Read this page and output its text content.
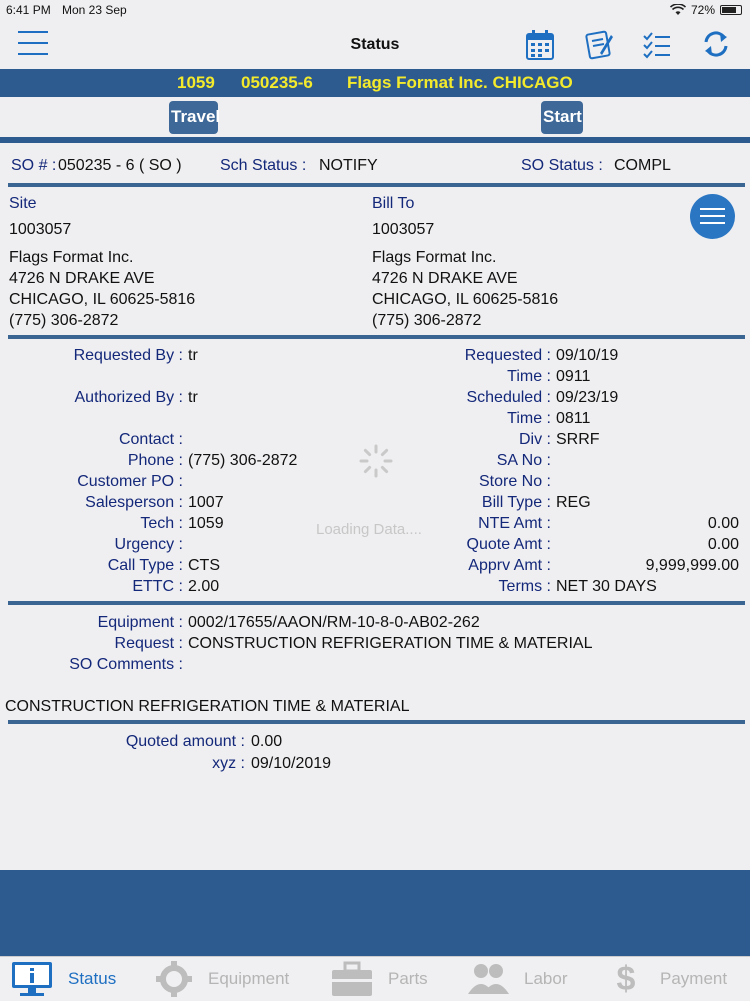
6:41 PM Mon 23 Sep	72%
Status
1059 050235-6 Flags Format Inc. CHICAGO
Travel	Start
SO # : 050235 - 6 ( SO ) Sch Status : NOTIFY	SO Status : COMPL
Site
1003057
Flags Format Inc.
4726 N DRAKE AVE
CHICAGO, IL 60625-5816
(775) 306-2872
Bill To
1003057
Flags Format Inc.
4726 N DRAKE AVE
CHICAGO, IL 60625-5816
(775) 306-2872
Requested By : tr
Authorized By : tr
Contact :
Phone : (775) 306-2872
Customer PO :
Salesperson : 1007
Tech : 1059
Urgency :
Call Type : CTS
ETTC : 2.00
Requested : 09/10/19
Time : 0911
Scheduled : 09/23/19
Time : 0811
Div : SRRF
SA No :
Store No :
Bill Type : REG
NTE Amt :	0.00
Quote Amt :	0.00
Apprv Amt :	9,999,999.00
Terms : NET 30 DAYS
Loading Data....
Equipment : 0002/17655/AAON/RM-10-8-0-AB02-262
Request : CONSTRUCTION REFRIGERATION TIME & MATERIAL
SO Comments :
CONSTRUCTION REFRIGERATION TIME & MATERIAL
Quoted amount : 0.00
xyz : 09/10/2019
Status	Equipment	Parts	Labor	$	Payment
